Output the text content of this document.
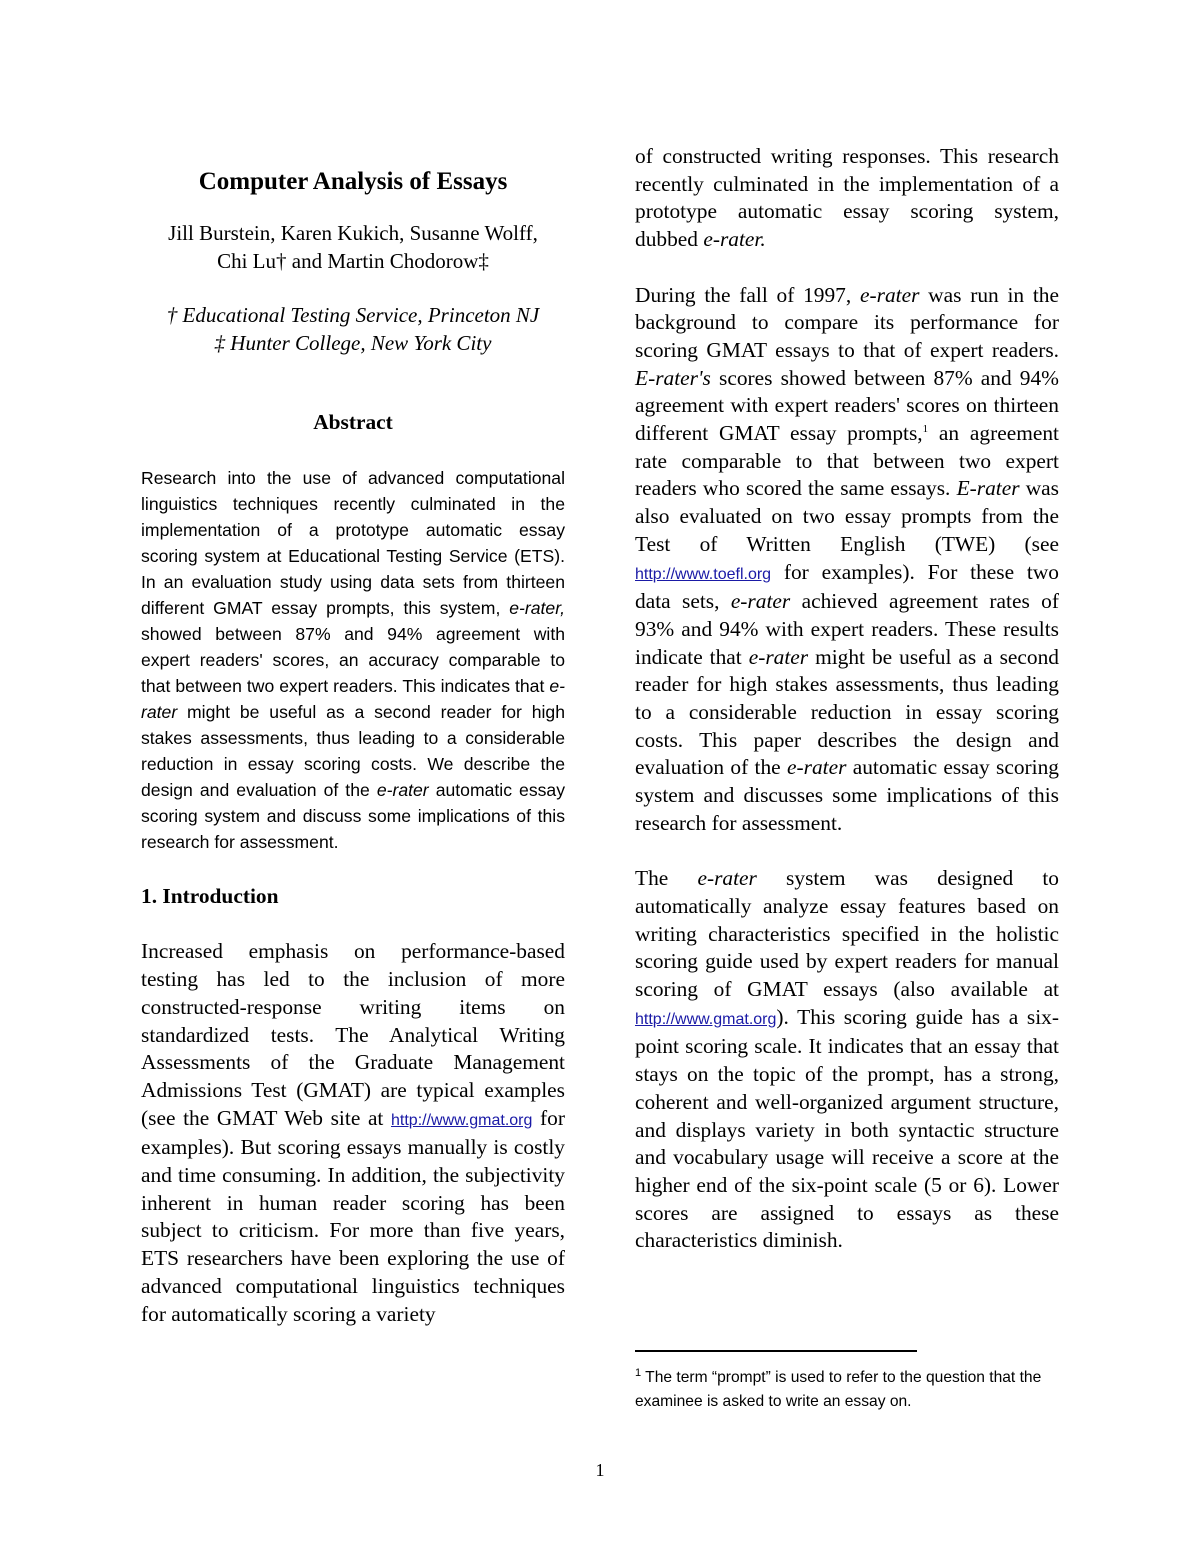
Computer Analysis of Essays
Jill Burstein, Karen Kukich, Susanne Wolff,
Chi Lu† and Martin Chodorow‡
† Educational Testing Service, Princeton NJ
‡ Hunter College, New York City
Abstract
Research into the use of advanced computational linguistics techniques recently culminated in the implementation of a prototype automatic essay scoring system at Educational Testing Service (ETS). In an evaluation study using data sets from thirteen different GMAT essay prompts, this system, e-rater, showed between 87% and 94% agreement with expert readers' scores, an accuracy comparable to that between two expert readers. This indicates that e-rater might be useful as a second reader for high stakes assessments, thus leading to a considerable reduction in essay scoring costs. We describe the design and evaluation of the e-rater automatic essay scoring system and discuss some implications of this research for assessment.
1. Introduction
Increased emphasis on performance-based testing has led to the inclusion of more constructed-response writing items on standardized tests. The Analytical Writing Assessments of the Graduate Management Admissions Test (GMAT) are typical examples (see the GMAT Web site at http://www.gmat.org for examples). But scoring essays manually is costly and time consuming. In addition, the subjectivity inherent in human reader scoring has been subject to criticism. For more than five years, ETS researchers have been exploring the use of advanced computational linguistics techniques for automatically scoring a variety
of constructed writing responses. This research recently culminated in the implementation of a prototype automatic essay scoring system, dubbed e-rater.
During the fall of 1997, e-rater was run in the background to compare its performance for scoring GMAT essays to that of expert readers. E-rater's scores showed between 87% and 94% agreement with expert readers' scores on thirteen different GMAT essay prompts,$^1$ an agreement rate comparable to that between two expert readers who scored the same essays. E-rater was also evaluated on two essay prompts from the Test of Written English (TWE) (see http://www.toefl.org for examples). For these two data sets, e-rater achieved agreement rates of 93% and 94% with expert readers. These results indicate that e-rater might be useful as a second reader for high stakes assessments, thus leading to a considerable reduction in essay scoring costs. This paper describes the design and evaluation of the e-rater automatic essay scoring system and discusses some implications of this research for assessment.
The e-rater system was designed to automatically analyze essay features based on writing characteristics specified in the holistic scoring guide used by expert readers for manual scoring of GMAT essays (also available at http://www.gmat.org). This scoring guide has a six-point scoring scale. It indicates that an essay that stays on the topic of the prompt, has a strong, coherent and well-organized argument structure, and displays variety in both syntactic structure and vocabulary usage will receive a score at the higher end of the six-point scale (5 or 6). Lower scores are assigned to essays as these characteristics diminish.
$^1$ The term “prompt” is used to refer to the question that the examinee is asked to write an essay on.
1
